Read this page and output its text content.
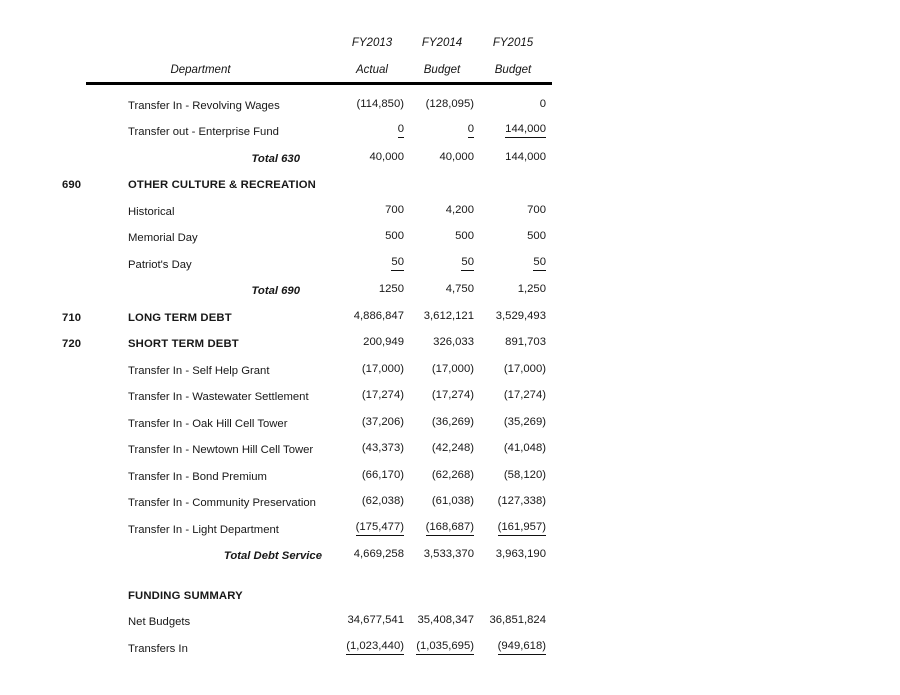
		FY2013	FY2014	FY2015
	Department	Actual	Budget	Budget

	Transfer In - Revolving Wages	(114,850)	(128,095)	0
	Transfer out - Enterprise Fund	0	0	144,000
	Total 630	40,000	40,000	144,000
690	OTHER CULTURE & RECREATION			
	Historical	700	4,200	700
	Memorial Day	500	500	500
	Patriot's Day	50	50	50
	Total 690	1250	4,750	1,250
710	LONG TERM DEBT	4,886,847	3,612,121	3,529,493
720	SHORT TERM DEBT	200,949	326,033	891,703
	Transfer In - Self Help Grant	(17,000)	(17,000)	(17,000)
	Transfer In - Wastewater Settlement	(17,274)	(17,274)	(17,274)
	Transfer In - Oak Hill Cell Tower	(37,206)	(36,269)	(35,269)
	Transfer In - Newtown Hill Cell Tower	(43,373)	(42,248)	(41,048)
	Transfer In - Bond Premium	(66,170)	(62,268)	(58,120)
	Transfer In - Community Preservation	(62,038)	(61,038)	(127,338)
	Transfer In - Light Department	(175,477)	(168,687)	(161,957)
	Total Debt Service	4,669,258	3,533,370	3,963,190

	FUNDING SUMMARY			
	Net Budgets	34,677,541	35,408,347	36,851,824
	Transfers In	(1,023,440)	(1,035,695)	(949,618)
